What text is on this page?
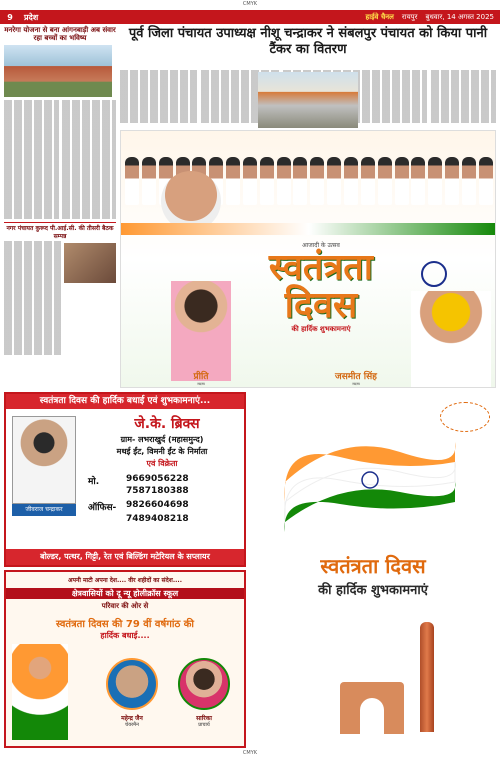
CMYK
9	प्रदेश	हाईवे चैनल रायपुर बुधवार, 14 अगस्त 2025
मनरेगा योजना से बना आंगनबाड़ी अब संवार रहा बच्चों का भविष्य
नगर पंचायत कुरूद पी.आई.सी. की तीसरी बैठक सम्पन्न
पूर्व जिला पंचायत उपाध्यक्ष नीशू चन्द्राकर ने संबलपुर पंचायत को किया पानी टैंकर का वितरण
आजादी के उत्सव
स्वतंत्रता दिवस
की हार्दिक शुभकामनाएं
प्रीति
सदस्य
जसमीत सिंह
सदस्य
स्वतंत्रता दिवस की हार्दिक बधाई एवं शुभकामनाएं...
जीवराज चन्द्राकर
जे.के. ब्रिक्स
ग्राम- लभराखुर्द (महासमुन्द)
मथई ईंट, विमनी ईंट के निर्माता
एवं विक्रेता
मो.	9669056228
7587180388
ऑफिस- 9826604698
7489408218
बोल्डर, पत्थर, गिट्टी, रेत एवं बिल्डिंग मटेरियल के सप्लायर
अपनी माटी अपना देश.... वीर शहीदों का संदेश....
क्षेत्रवासियों को दू न्यू होलीक्रॉस स्कूल
परिवार की ओर से
स्वतंत्रता दिवस की 79 वीं वर्षगांठ की
हार्दिक बधाई....
महेन्द्र जैन
चेयरमैन
सारिका
प्राचार्य
स्वतंत्रता दिवस
की हार्दिक शुभकामनाएं
CMYK
